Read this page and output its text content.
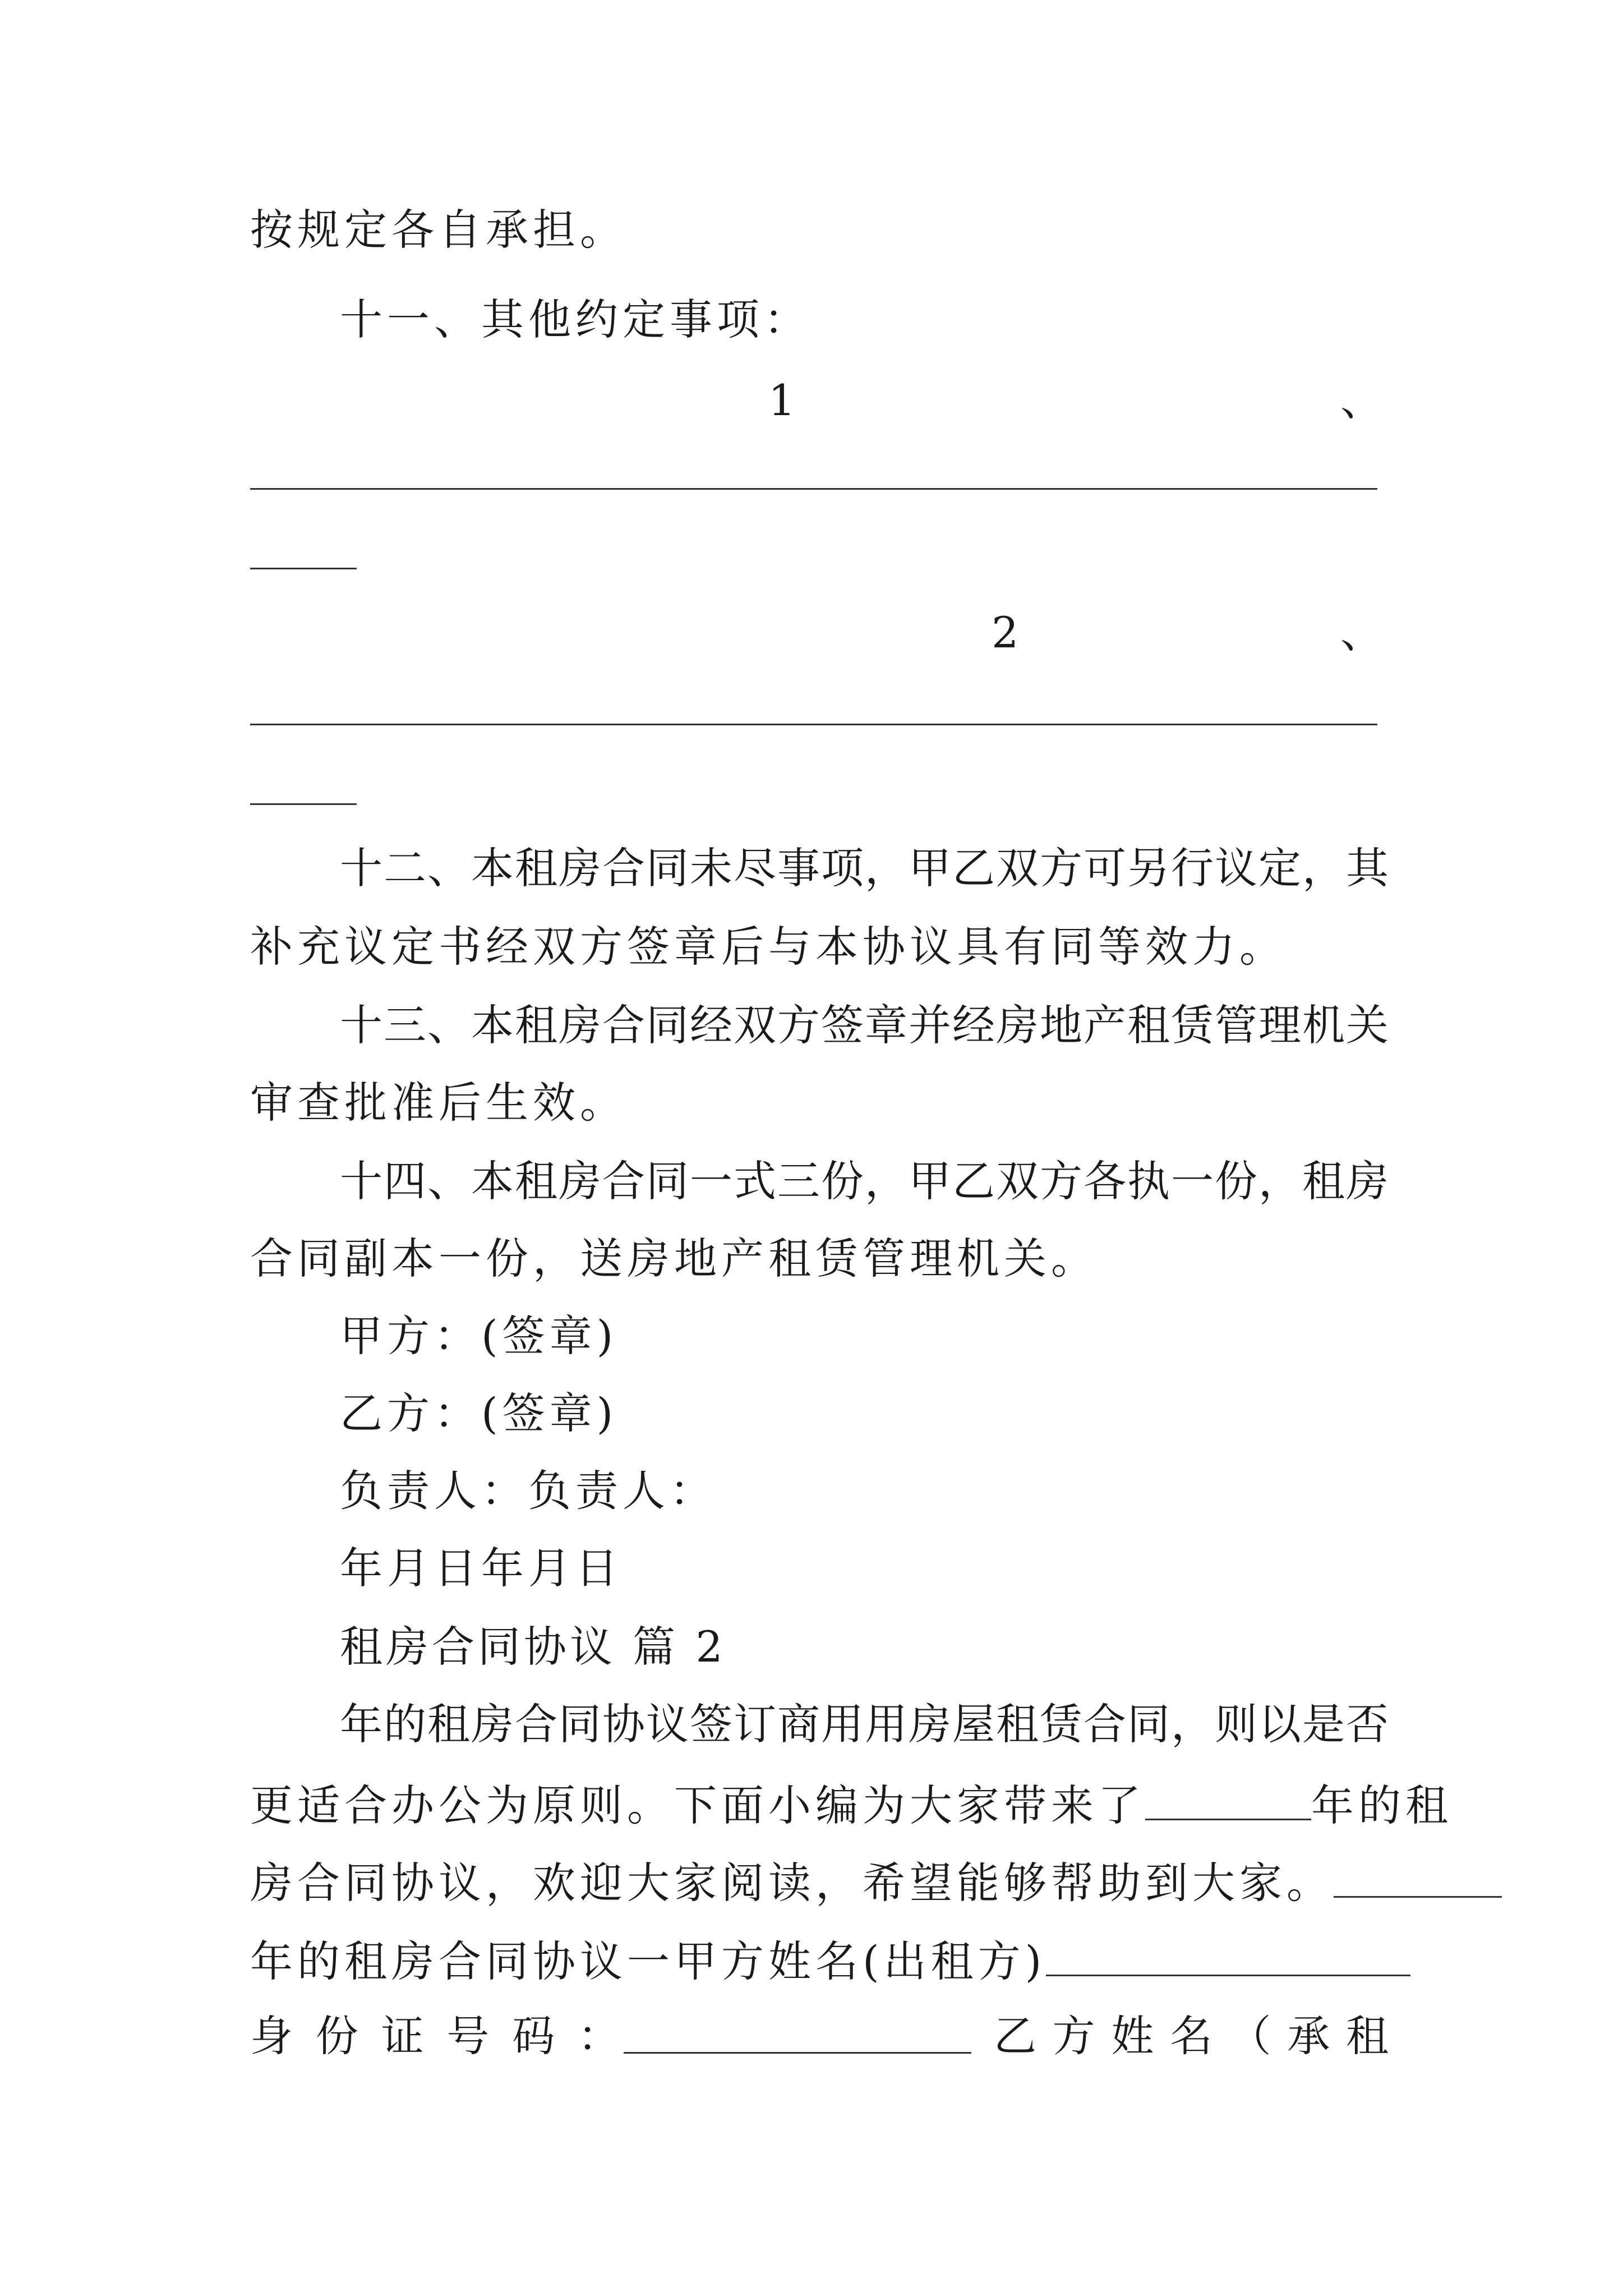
按规定各自承担。
十一、其他约定事项：
1	、
2	、
十 二 、 本 租 房 合 同 未 尽 事 项 ， 甲 乙 双 方 可 另 行 议 定 ， 其
补充议定书经双方签章后与本协议具有同等效力。
十 三 、 本 租 房 合 同 经 双 方 签 章 并 经 房 地 产 租 赁 管 理 机 关
审查批准后生效。
十 四 、 本 租 房 合 同 一 式 三 份 ， 甲 乙 双 方 各 执 一 份 ， 租 房
合同副本一份，送房地产租赁管理机关。
甲方：(签章)
乙方：(签章)
负责人：负责人：
年月日年月日
租房合同协议 篇 2
年 的 租 房 合 同 协 议 签 订 商 用 用 房 屋 租 赁 合 同 ， 则 以 是 否
更适合办公为原则。下面小编为大家带来了	年的租
房合同协议，欢迎大家阅读，希望能够帮助到大家。
年的租房合同协议一甲方姓名(出租方)
身 份 证 号 码 ：	乙 方 姓 名 （ 承 租
